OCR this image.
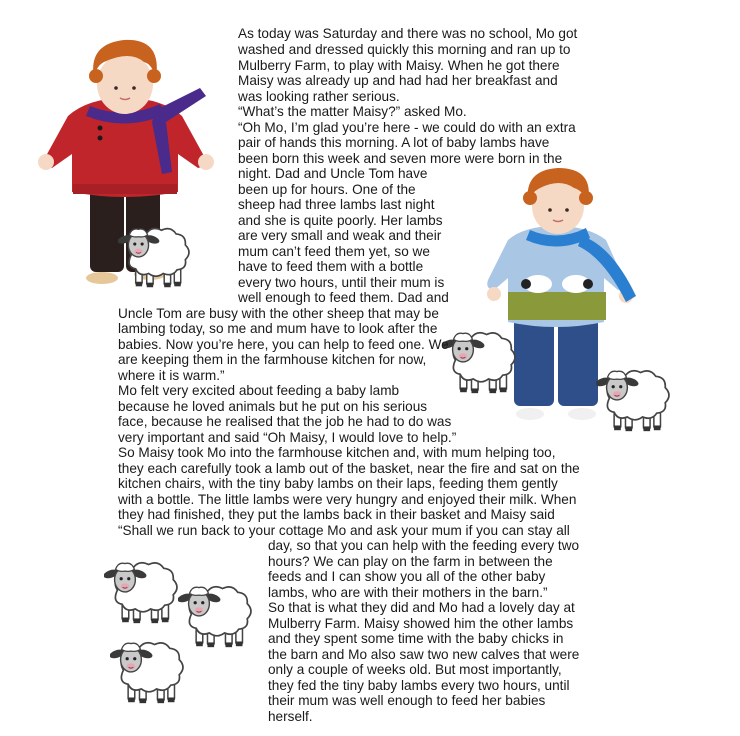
As today was Saturday and there was no school, Mo got
washed and dressed quickly this morning and ran up to
Mulberry Farm, to play with Maisy. When he got there
Maisy was already up and had had her breakfast and
was looking rather serious.
“What’s the matter Maisy?” asked Mo.
“Oh Mo, I’m glad you’re here - we could do with an extra
pair of hands this morning. A lot of baby lambs have
been born this week and seven more were born in the
night. Dad and Uncle Tom have
been up for hours. One of the
sheep had three lambs last night
and she is quite poorly. Her lambs
are very small and weak and their
mum can’t feed them yet, so we
have to feed them with a bottle
every two hours, until their mum is
well enough to feed them. Dad and
Uncle Tom are busy with the other sheep that may be
lambing today, so me and mum have to look after the
babies. Now you’re here, you can help to feed one. We
are keeping them in the farmhouse kitchen for now,
where it is warm.”
Mo felt very excited about feeding a baby lamb
because he loved animals but he put on his serious
face, because he realised that the job he had to do was
very important and said “Oh Maisy, I would love to help.”
So Maisy took Mo into the farmhouse kitchen and, with mum helping too,
they each carefully took a lamb out of the basket, near the fire and sat on the
kitchen chairs, with the tiny baby lambs on their laps, feeding them gently
with a bottle. The little lambs were very hungry and enjoyed their milk. When
they had finished, they put the lambs back in their basket and Maisy said
“Shall we run back to your cottage Mo and ask your mum if you can stay all
day, so that you can help with the feeding every two
hours? We can play on the farm in between the
feeds and I can show you all of the other baby
lambs, who are with their mothers in the barn.”
So that is what they did and Mo had a lovely day at
Mulberry Farm. Maisy showed him the other lambs
and they spent some time with the baby chicks in
the barn and Mo also saw two new calves that were
only a couple of weeks old. But most importantly,
they fed the tiny baby lambs every two hours, until
their mum was well enough to feed her babies
herself.
